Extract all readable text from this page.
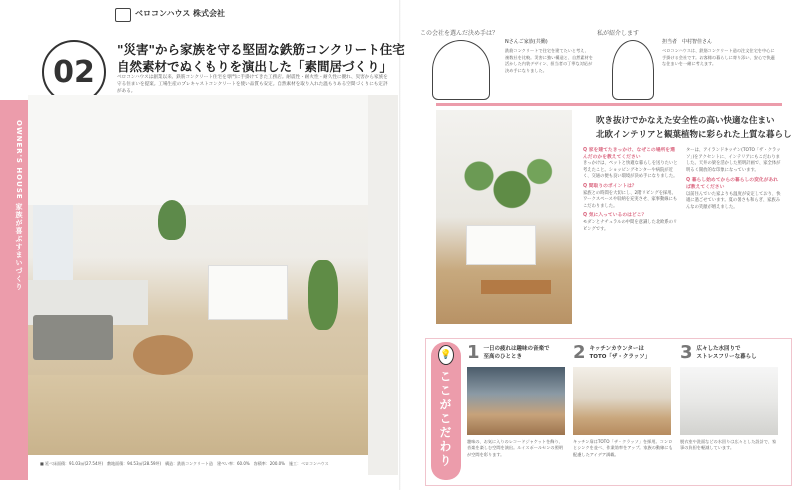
ベロコンハウス 株式会社
02
"災害"から家族を守る堅固な鉄筋コンクリート住宅
自然素材でぬくもりを演出した「素間居づくり」
ベロコンハウスは創業以来、鉄筋コンクリート住宅を専門に手掛けてきた工務店。耐震性・耐火性・耐久性に優れ、災害から家族を守る住まいを提案。工場生産のプレキャストコンクリートを使い品質も安定。自然素材を取り入れた温もりある空間づくりにも定評がある。
OWNER'S HOUSE 家族が喜ぶすまいづくり
■ 延べ床面積：91.03㎡(27.54坪)　敷地面積：94.53㎡(28.59坪)　構造：鉄筋コンクリート造　建ぺい率：60.0%　容積率：200.0%　施工：ベロコンハウス
この会社を選んだ決め手は？	私が紹介します
Nさんご家族(共働)
鉄筋コンクリートで住宅を建てたいと考え、複数社を比較。災害に強い構造と、自然素材を活かした内装デザイン、担当者の丁寧な対応が決め手になりました。
担当者　中村智佳さん
ベロコンハウスは、鉄筋コンクリート造の注文住宅を中心に手掛ける会社です。お客様の暮らしに寄り添い、安心で快適な住まいを一緒に考えます。
吹き抜けでかなえた安全性の高い快適な住まい
北欧インテリアと観葉植物に彩られた上質な暮らし
Q 家を建てたきっかけ、なぜこの場所を選んだのかを教えてください
きっかけは、ペットと快適な暮らしを送りたいと考えたこと。ショッピングセンターや病院が近く、交通の便も良い環境が決め手になりました。
Q 間取りのポイントは？
家族との時間を大切にし、2階リビングを採用。ワークスペースや収納を充実させ、家事動線にもこだわりました。
Q 気に入っているのはどこ？
モダンとナチュラルの中間を意識した北欧系のリビングです。
ターは、アイランドキッチン(TOTO「ザ・クラッソ」)をアクセントに、インテリアにもこだわりました。天井の梁を活かした照明計画で、家全体が明るく開放的な印象になっています。
Q 暮らし始めてからの暮らしの変化があれば教えてください
以前住んでいた家よりも温度が安定しており、快適に過ごせています。夏の暑さも和らぎ、家族みんなの笑顔が増えました。
💡
ここがこだわり
1 一日の疲れは趣味の音楽で
至高のひととき
趣味の、お気に入りのレコードジャケットを飾り、音楽を楽しむ空間を演出。ルイスポールセンの照明が空間を彩ります。
2 キッチンカウンターは
TOTO「ザ・クラッソ」
キッチン扉はTOTO「ザ・クラッソ」を採用。コンロとシンクを並べ、作業効率をアップ。家族の動線にも配慮したアイデア満載。
3 広々した水回りで
ストレスフリーな暮らし
脱衣室や洗面などの水回りは広々とした設計で、家事の負担を軽減しています。
